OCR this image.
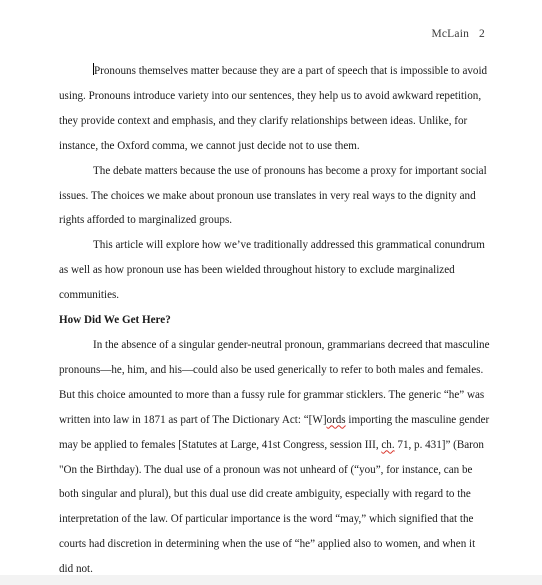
McLain 2

Pronouns themselves matter because they are a part of speech that is impossible to avoid using. Pronouns introduce variety into our sentences, they help us to avoid awkward repetition, they provide context and emphasis, and they clarify relationships between ideas. Unlike, for instance, the Oxford comma, we cannot just decide not to use them.

The debate matters because the use of pronouns has become a proxy for important social issues. The choices we make about pronoun use translates in very real ways to the dignity and rights afforded to marginalized groups.

This article will explore how we’ve traditionally addressed this grammatical conundrum as well as how pronoun use has been wielded throughout history to exclude marginalized communities.

How Did We Get Here?

In the absence of a singular gender-neutral pronoun, grammarians decreed that masculine pronouns—he, him, and his—could also be used generically to refer to both males and females. But this choice amounted to more than a fussy rule for grammar sticklers. The generic “he” was written into law in 1871 as part of The Dictionary Act: “[W]ords importing the masculine gender may be applied to females [Statutes at Large, 41st Congress, session III, ch. 71, p. 431]” (Baron "On the Birthday). The dual use of a pronoun was not unheard of (“you”, for instance, can be both singular and plural), but this dual use did create ambiguity, especially with regard to the interpretation of the law. Of particular importance is the word “may,” which signified that the courts had discretion in determining when the use of “he” applied also to women, and when it did not.
